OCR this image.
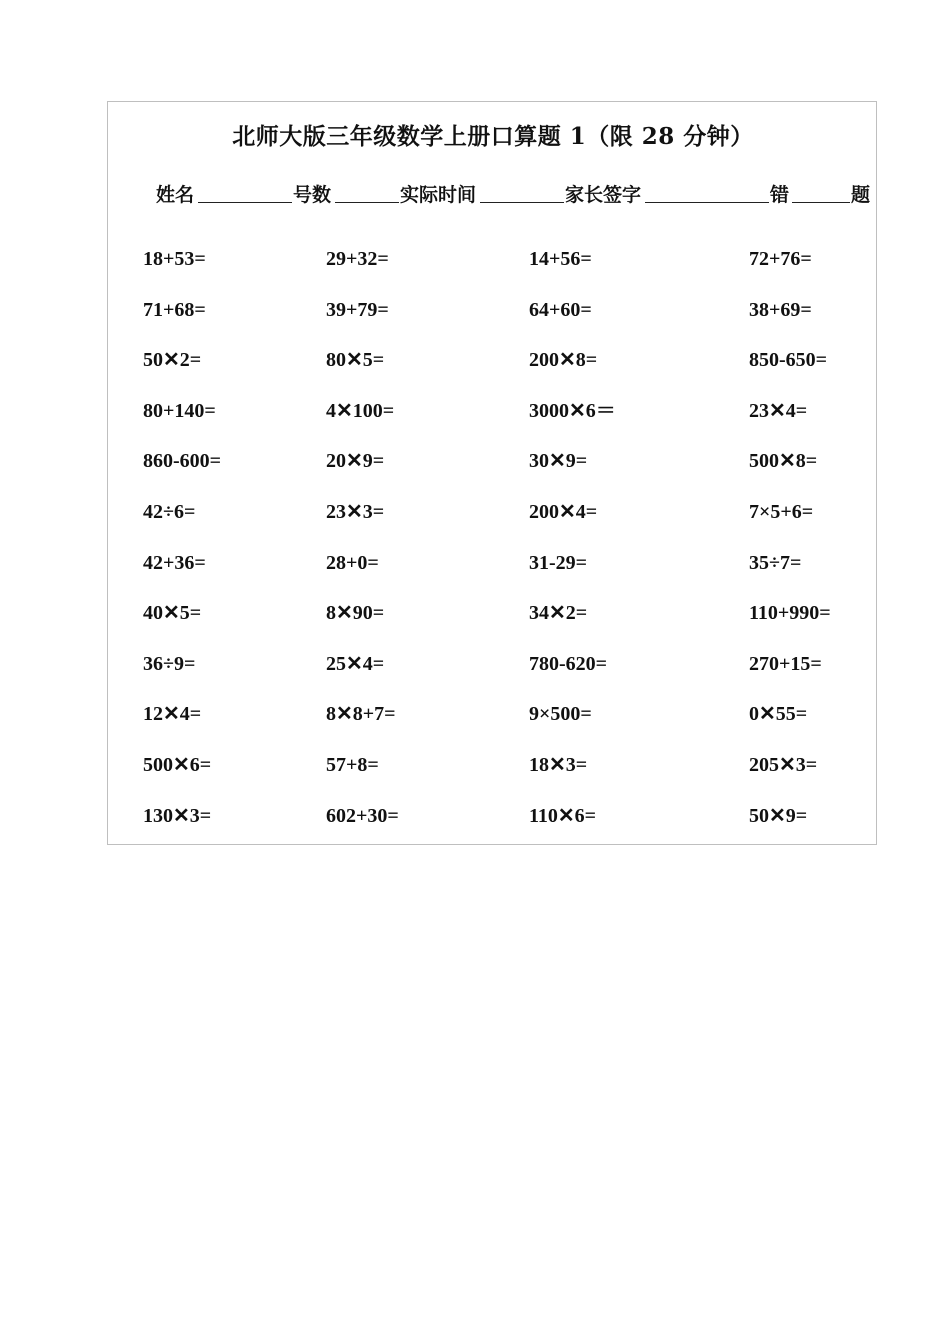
北师大版三年级数学上册口算题 1（限 28 分钟）
姓名	号数	实际时间	家长签字	错	题
18+53=	29+32=	14+56=	72+76=
71+68=	39+79=	64+60=	38+69=
50✕2=	80✕5=	200✕8=	850-650=
80+140=	4✕100=	3000✕6＝	23✕4=
860-600=	20✕9=	30✕9=	500✕8=
42÷6=	23✕3=	200✕4=	7×5+6=
42+36=	28+0=	31-29=	35÷7=
40✕5=	8✕90=	34✕2=	110+990=
36÷9=	25✕4=	780-620=	270+15=
12✕4=	8✕8+7=	9×500=	0✕55=
500✕6=	57+8=	18✕3=	205✕3=
130✕3=	602+30=	110✕6=	50✕9=
